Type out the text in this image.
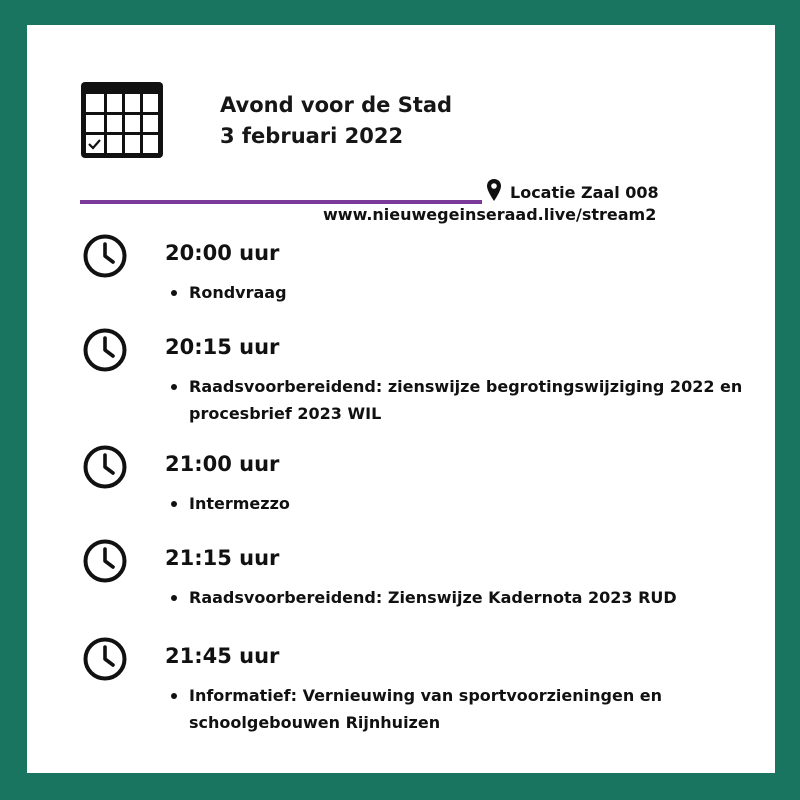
Avond voor de Stad
3 februari 2022
Locatie Zaal 008
www.nieuwegeinseraad.live/stream2
20:00 uur
Rondvraag
20:15 uur
Raadsvoorbereidend: zienswijze begrotingswijziging 2022 en procesbrief 2023 WIL
21:00 uur
Intermezzo
21:15 uur
Raadsvoorbereidend: Zienswijze Kadernota 2023 RUD
21:45 uur
Informatief: Vernieuwing van sportvoorzieningen en schoolgebouwen Rijnhuizen
